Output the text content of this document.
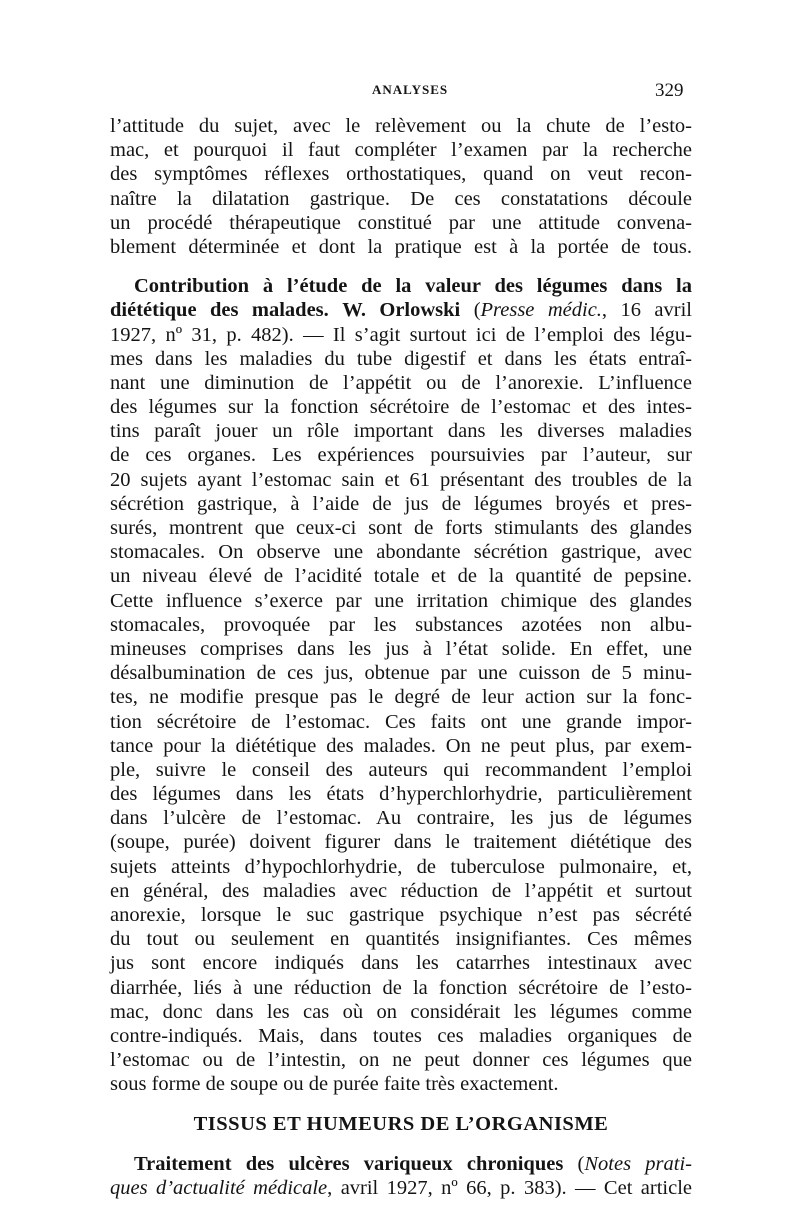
ANALYSES	329
l’attitude du sujet, avec le relèvement ou la chute de l’esto-
mac, et pourquoi il faut compléter l’examen par la recherche
des symptômes réflexes orthostatiques, quand on veut recon-
naître la dilatation gastrique. De ces constatations découle
un procédé thérapeutique constitué par une attitude convena-
blement déterminée et dont la pratique est à la portée de tous.
Contribution à l’étude de la valeur des légumes dans la
diététique des malades. W. Orlowski (Presse médic., 16 avril
1927, nº 31, p. 482). — Il s’agit surtout ici de l’emploi des légu-
mes dans les maladies du tube digestif et dans les états entraî-
nant une diminution de l’appétit ou de l’anorexie. L’influence
des légumes sur la fonction sécrétoire de l’estomac et des intes-
tins paraît jouer un rôle important dans les diverses maladies
de ces organes. Les expériences poursuivies par l’auteur, sur
20 sujets ayant l’estomac sain et 61 présentant des troubles de la
sécrétion gastrique, à l’aide de jus de légumes broyés et pres-
surés, montrent que ceux-ci sont de forts stimulants des glandes
stomacales. On observe une abondante sécrétion gastrique, avec
un niveau élevé de l’acidité totale et de la quantité de pepsine.
Cette influence s’exerce par une irritation chimique des glandes
stomacales, provoquée par les substances azotées non albu-
mineuses comprises dans les jus à l’état solide. En effet, une
désalbumination de ces jus, obtenue par une cuisson de 5 minu-
tes, ne modifie presque pas le degré de leur action sur la fonc-
tion sécrétoire de l’estomac. Ces faits ont une grande impor-
tance pour la diététique des malades. On ne peut plus, par exem-
ple, suivre le conseil des auteurs qui recommandent l’emploi
des légumes dans les états d’hyperchlorhydrie, particulièrement
dans l’ulcère de l’estomac. Au contraire, les jus de légumes
(soupe, purée) doivent figurer dans le traitement diététique des
sujets atteints d’hypochlorhydrie, de tuberculose pulmonaire, et,
en général, des maladies avec réduction de l’appétit et surtout
anorexie, lorsque le suc gastrique psychique n’est pas sécrété
du tout ou seulement en quantités insignifiantes. Ces mêmes
jus sont encore indiqués dans les catarrhes intestinaux avec
diarrhée, liés à une réduction de la fonction sécrétoire de l’esto-
mac, donc dans les cas où on considérait les légumes comme
contre-indiqués. Mais, dans toutes ces maladies organiques de
l’estomac ou de l’intestin, on ne peut donner ces légumes que
sous forme de soupe ou de purée faite très exactement.
TISSUS ET HUMEURS DE L’ORGANISME
Traitement des ulcères variqueux chroniques (Notes prati-
ques d’actualité médicale, avril 1927, nº 66, p. 383). — Cet article
